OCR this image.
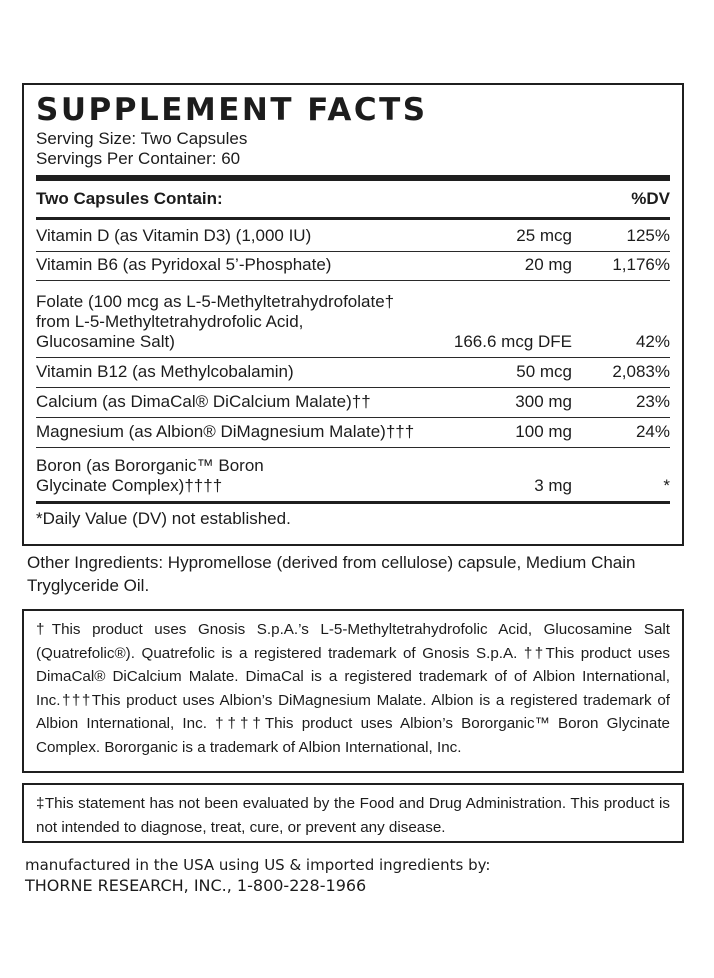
SUPPLEMENT FACTS
Serving Size: Two Capsules
Servings Per Container: 60
Two Capsules Contain:	%DV
Vitamin D (as Vitamin D3) (1,000 IU)	25 mcg	125%
Vitamin B6 (as Pyridoxal 5’-Phosphate)	20 mg	1,176%
Folate (100 mcg as L-5-Methyltetrahydrofolate†
from L-5-Methyltetrahydrofolic Acid,
Glucosamine Salt)	166.6 mcg DFE	42%
Vitamin B12 (as Methylcobalamin)	50 mcg	2,083%
Calcium (as DimaCal® DiCalcium Malate)††	300 mg	23%
Magnesium (as Albion® DiMagnesium Malate)†††	100 mg	24%
Boron (as Bororganic™ Boron
Glycinate Complex)††††	3 mg	*
*Daily Value (DV) not established.
Other Ingredients: Hypromellose (derived from cellulose) capsule, Medium Chain Tryglyceride Oil.
†This product uses Gnosis S.p.A.’s L-5-Methyltetrahydrofolic Acid, Glucosamine Salt (Quatrefolic®). Quatrefolic is a registered trademark of Gnosis S.p.A. ††This product uses DimaCal® DiCalcium Malate. DimaCal is a registered trademark of of Albion International, Inc.†††This product uses Albion’s DiMagnesium Malate. Albion is a registered trademark of Albion International, Inc. ††††This product uses Albion’s Bororganic™ Boron Glycinate Complex. Bororganic is a trademark of Albion International, Inc.
‡This statement has not been evaluated by the Food and Drug Administration. This product is not intended to diagnose, treat, cure, or prevent any disease.
manufactured in the USA using US & imported ingredients by:
THORNE RESEARCH, INC., 1-800-228-1966
